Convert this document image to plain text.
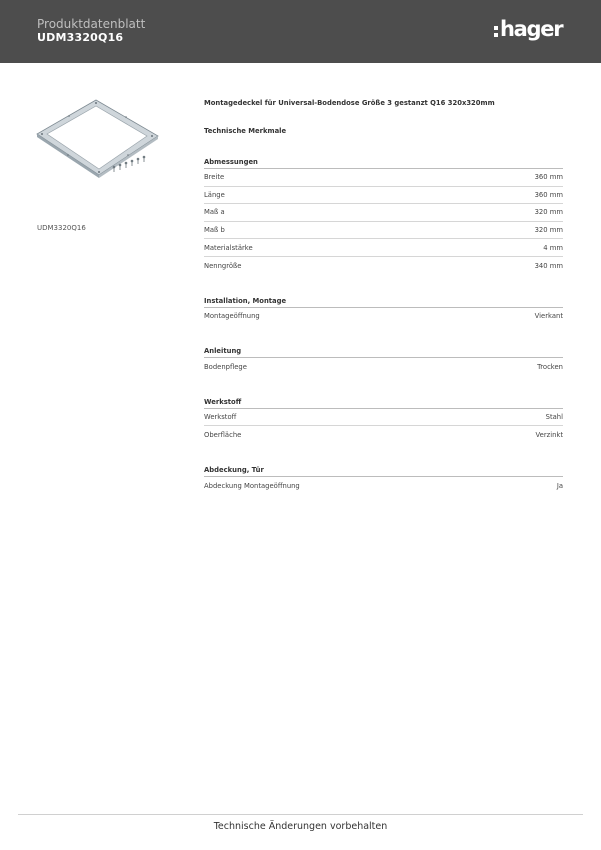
Produktdatenblatt
UDM3320Q16	hager
UDM3320Q16
Montagedeckel für Universal-Bodendose Größe 3 gestanzt Q16 320x320mm
Technische Merkmale
Abmessungen
Breite	360 mm
Länge	360 mm
Maß a	320 mm
Maß b	320 mm
Materialstärke	4 mm
Nenngröße	340 mm
Installation, Montage
Montageöffnung	Vierkant
Anleitung
Bodenpflege	Trocken
Werkstoff
Werkstoff	Stahl
Oberfläche	Verzinkt
Abdeckung, Tür
Abdeckung Montageöffnung	Ja
Technische Änderungen vorbehalten
